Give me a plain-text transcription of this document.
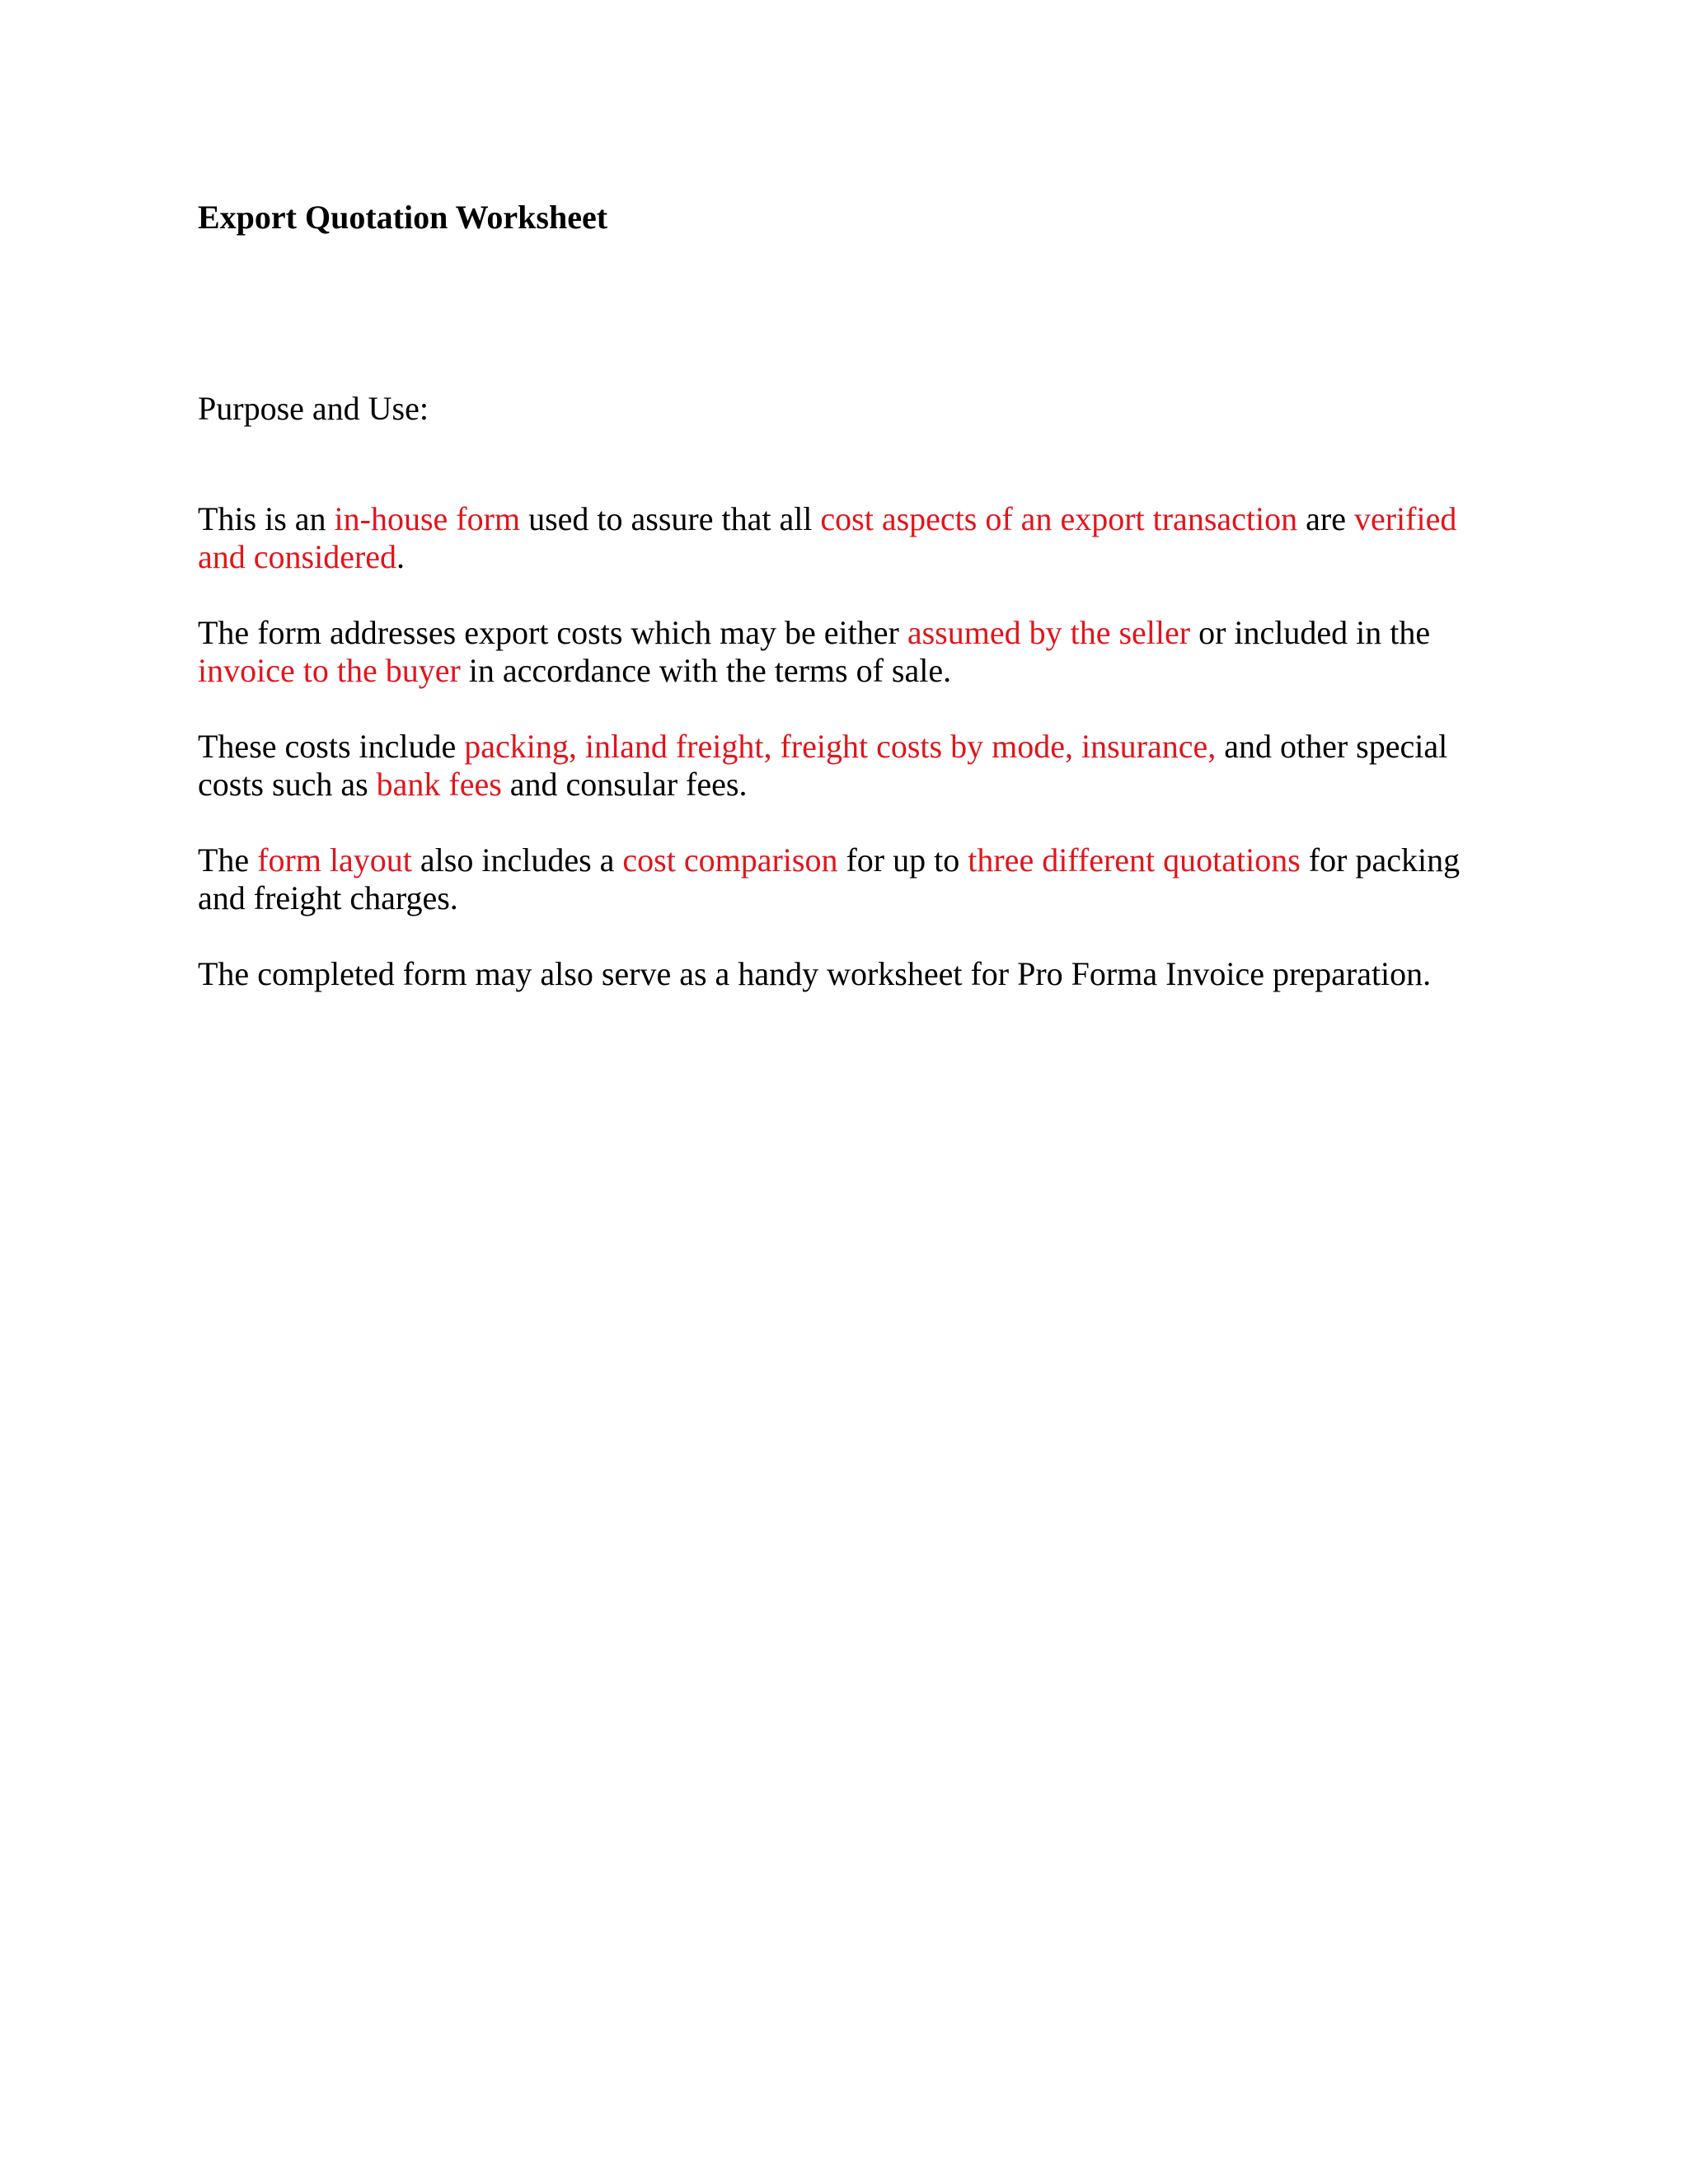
Export Quotation Worksheet

Purpose and Use:

This is an in-house form used to assure that all cost aspects of an export transaction are verified and considered.

The form addresses export costs which may be either assumed by the seller or included in the invoice to the buyer in accordance with the terms of sale.

These costs include packing, inland freight, freight costs by mode, insurance, and other special costs such as bank fees and consular fees.

The form layout also includes a cost comparison for up to three different quotations for packing and freight charges.

The completed form may also serve as a handy worksheet for Pro Forma Invoice preparation.
